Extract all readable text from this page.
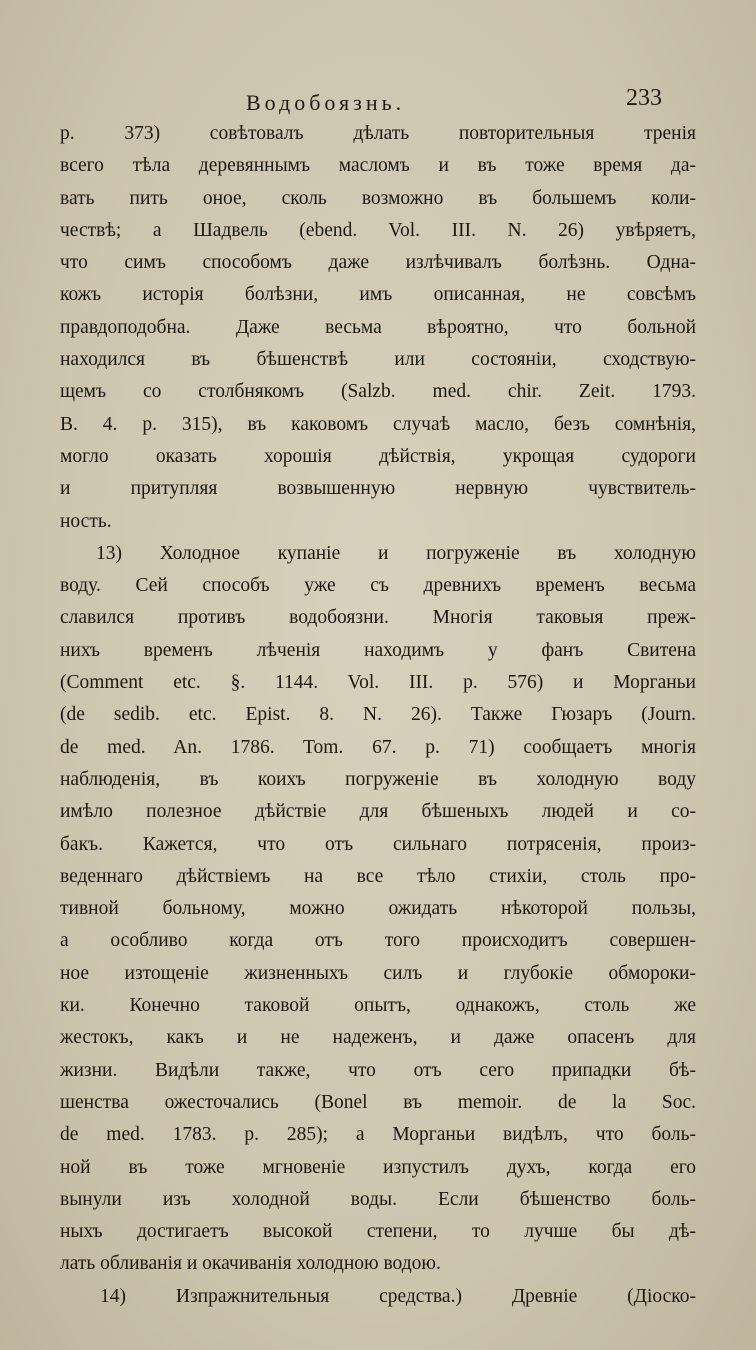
Водобоязнь.	233
р. 373) совѣтовалъ дѣлать повторительныя тренія
всего тѣла деревяннымъ масломъ и въ тоже время да-
вать пить оное, сколь возможно въ большемъ коли-
чествѣ; а Шадвель (ebend. Vol. III. N. 26) увѣряетъ,
что симъ способомъ даже излѣчивалъ болѣзнь. Одна-
кожъ исторія болѣзни, имъ описанная, не совсѣмъ
правдоподобна. Даже весьма вѣроятно, что больной
находился въ бѣшенствѣ или состояніи, сходствую-
щемъ со столбнякомъ (Salzb. med. chir. Zeit. 1793.
B. 4. p. 315), въ каковомъ случаѣ масло, безъ сомнѣнія,
могло оказать хорошія дѣйствія, укрощая судороги
и притупляя возвышенную нервную чувствитель-
ность.
13) Холодное купаніе и погруженіе въ холодную
воду. Сей способъ уже съ древнихъ временъ весьма
славился противъ водобоязни. Многія таковыя преж-
нихъ временъ лѣченія находимъ у фанъ Свитена
(Comment etc. §. 1144. Vol. III. p. 576) и Морганьи
(de sedib. etc. Epist. 8. N. 26). Также Гюзаръ (Journ.
de med. An. 1786. Tom. 67. p. 71) сообщаетъ многія
наблюденія, въ коихъ погруженіе въ холодную воду
имѣло полезное дѣйствіе для бѣшеныхъ людей и со-
бакъ. Кажется, что отъ сильнаго потрясенія, произ-
веденнаго дѣйствіемъ на все тѣло стихіи, столь про-
тивной больному, можно ожидать нѣкоторой пользы,
а особливо когда отъ того происходитъ совершен-
ное изтощеніе жизненныхъ силъ и глубокіе обмороки-
ки. Конечно таковой опытъ, однакожъ, столь же
жестокъ, какъ и не надеженъ, и даже опасенъ для
жизни. Видѣли также, что отъ сего припадки бѣ-
шенства ожесточались (Bonel въ memoir. de la Soc.
de med. 1783. p. 285); а Морганьи видѣлъ, что боль-
ной въ тоже мгновеніе изпустилъ духъ, когда его
вынули изъ холодной воды. Если бѣшенство боль-
ныхъ достигаетъ высокой степени, то лучше бы дѣ-
лать обливанія и окачиванія холодною водою.
14) Изпражнительныя средства.) Древніе (Діоско-
